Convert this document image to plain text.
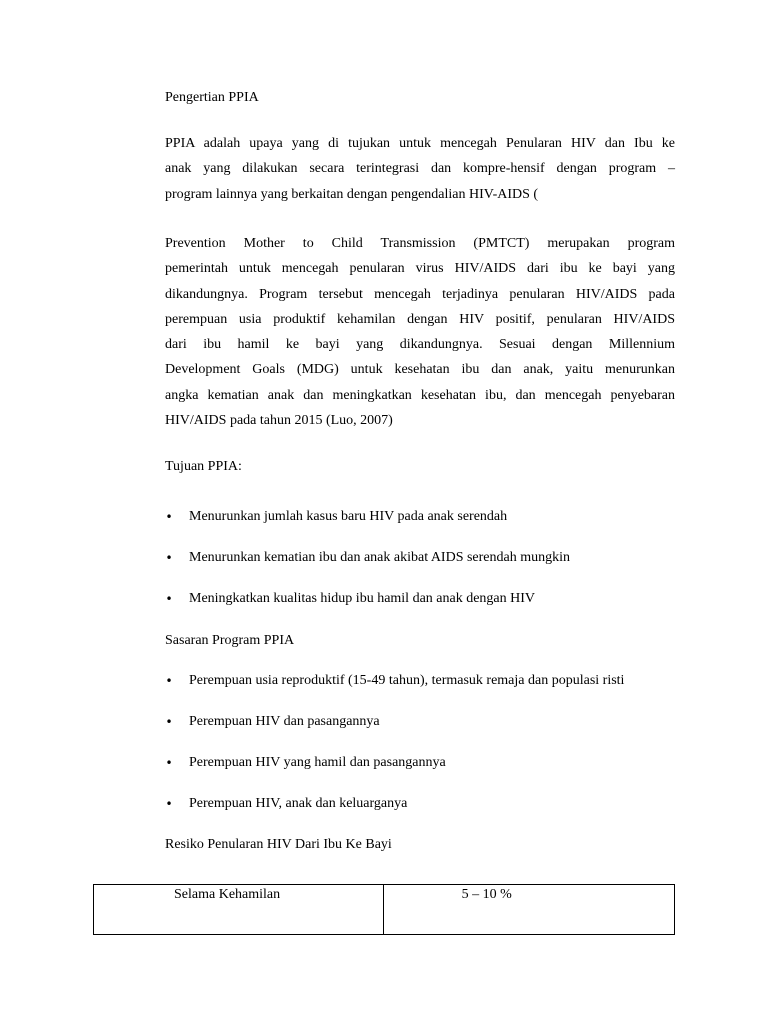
Pengertian PPIA
PPIA adalah upaya yang di tujukan untuk mencegah Penularan HIV dan Ibu ke
anak yang dilakukan secara terintegrasi dan kompre-hensif dengan program –
program lainnya yang berkaitan dengan pengendalian HIV-AIDS (
Prevention Mother to Child Transmission (PMTCT) merupakan program
pemerintah untuk mencegah penularan virus HIV/AIDS dari ibu ke bayi yang
dikandungnya. Program tersebut mencegah terjadinya penularan HIV/AIDS pada
perempuan usia produktif kehamilan dengan HIV positif, penularan HIV/AIDS
dari ibu hamil ke bayi yang dikandungnya. Sesuai dengan Millennium
Development Goals (MDG) untuk kesehatan ibu dan anak, yaitu menurunkan
angka kematian anak dan meningkatkan kesehatan ibu, dan mencegah penyebaran
HIV/AIDS pada tahun 2015 (Luo, 2007)
Tujuan PPIA:
• Menurunkan jumlah kasus baru HIV pada anak serendah
• Menurunkan kematian ibu dan anak akibat AIDS serendah mungkin
• Meningkatkan kualitas hidup ibu hamil dan anak dengan HIV
Sasaran Program PPIA
• Perempuan usia reproduktif (15-49 tahun), termasuk remaja dan populasi risti
• Perempuan HIV dan pasangannya
• Perempuan HIV yang hamil dan pasangannya
• Perempuan HIV, anak dan keluarganya
Resiko Penularan HIV Dari Ibu Ke Bayi
Selama Kehamilan	5 – 10 %
